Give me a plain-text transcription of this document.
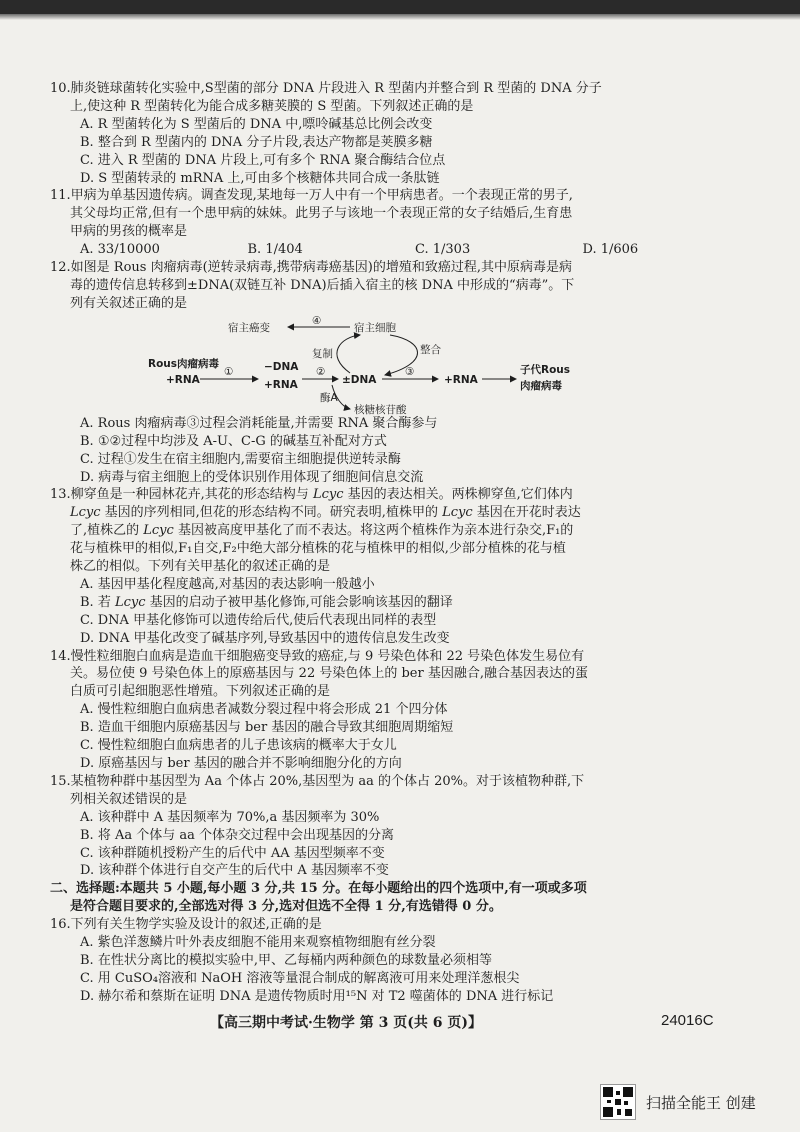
10.肺炎链球菌转化实验中,S型菌的部分 DNA 片段进入 R 型菌内并整合到 R 型菌的 DNA 分子
上,使这种 R 型菌转化为能合成多糖荚膜的 S 型菌。下列叙述正确的是
A. R 型菌转化为 S 型菌后的 DNA 中,嘌呤碱基总比例会改变
B. 整合到 R 型菌内的 DNA 分子片段,表达产物都是荚膜多糖
C. 进入 R 型菌的 DNA 片段上,可有多个 RNA 聚合酶结合位点
D. S 型菌转录的 mRNA 上,可由多个核糖体共同合成一条肽链
11.甲病为单基因遗传病。调查发现,某地每一万人中有一个甲病患者。一个表现正常的男子,
其父母均正常,但有一个患甲病的妹妹。此男子与该地一个表现正常的女子结婚后,生育患
甲病的男孩的概率是
A. 33/10000	B. 1/404	C. 1/303	D. 1/606
12.如图是 Rous 肉瘤病毒(逆转录病毒,携带病毒癌基因)的增殖和致癌过程,其中原病毒是病
毒的遗传信息转移到±DNA(双链互补 DNA)后插入宿主的核 DNA 中形成的“病毒”。下
列有关叙述正确的是
宿主癌变
④
宿主细胞
复制	整合
Rous肉瘤病毒
+RNA
①	−DNA
+RNA
②
±DNA
③
+RNA
子代Rous
肉瘤病毒
酶A
核糖核苷酸
A. Rous 肉瘤病毒③过程会消耗能量,并需要 RNA 聚合酶参与
B. ①②过程中均涉及 A-U、C-G 的碱基互补配对方式
C. 过程①发生在宿主细胞内,需要宿主细胞提供逆转录酶
D. 病毒与宿主细胞上的受体识别作用体现了细胞间信息交流
13.柳穿鱼是一种园林花卉,其花的形态结构与 Lcyc 基因的表达相关。两株柳穿鱼,它们体内
Lcyc 基因的序列相同,但花的形态结构不同。研究表明,植株甲的 Lcyc 基因在开花时表达
了,植株乙的 Lcyc 基因被高度甲基化了而不表达。将这两个植株作为亲本进行杂交,F₁的
花与植株甲的相似,F₁自交,F₂中绝大部分植株的花与植株甲的相似,少部分植株的花与植
株乙的相似。下列有关甲基化的叙述正确的是
A. 基因甲基化程度越高,对基因的表达影响一般越小
B. 若 Lcyc 基因的启动子被甲基化修饰,可能会影响该基因的翻译
C. DNA 甲基化修饰可以遗传给后代,使后代表现出同样的表型
D. DNA 甲基化改变了碱基序列,导致基因中的遗传信息发生改变
14.慢性粒细胞白血病是造血干细胞癌变导致的癌症,与 9 号染色体和 22 号染色体发生易位有
关。易位使 9 号染色体上的原癌基因与 22 号染色体上的 ber 基因融合,融合基因表达的蛋
白质可引起细胞恶性增殖。下列叙述正确的是
A. 慢性粒细胞白血病患者减数分裂过程中将会形成 21 个四分体
B. 造血干细胞内原癌基因与 ber 基因的融合导致其细胞周期缩短
C. 慢性粒细胞白血病患者的儿子患该病的概率大于女儿
D. 原癌基因与 ber 基因的融合并不影响细胞分化的方向
15.某植物种群中基因型为 Aa 个体占 20%,基因型为 aa 的个体占 20%。对于该植物种群,下
列相关叙述错误的是
A. 该种群中 A 基因频率为 70%,a 基因频率为 30%
B. 将 Aa 个体与 aa 个体杂交过程中会出现基因的分离
C. 该种群随机授粉产生的后代中 AA 基因型频率不变
D. 该种群个体进行自交产生的后代中 A 基因频率不变
二、选择题:本题共 5 小题,每小题 3 分,共 15 分。在每小题给出的四个选项中,有一项或多项
是符合题目要求的,全部选对得 3 分,选对但选不全得 1 分,有选错得 0 分。
16.下列有关生物学实验及设计的叙述,正确的是
A. 紫色洋葱鳞片叶外表皮细胞不能用来观察植物细胞有丝分裂
B. 在性状分离比的模拟实验中,甲、乙每桶内两种颜色的球数量必须相等
C. 用 CuSO₄溶液和 NaOH 溶液等量混合制成的解离液可用来处理洋葱根尖
D. 赫尔希和蔡斯在证明 DNA 是遗传物质时用¹⁵N 对 T2 噬菌体的 DNA 进行标记
【高三期中考试·生物学 第 3 页(共 6 页)】	24016C
扫描全能王 创建
